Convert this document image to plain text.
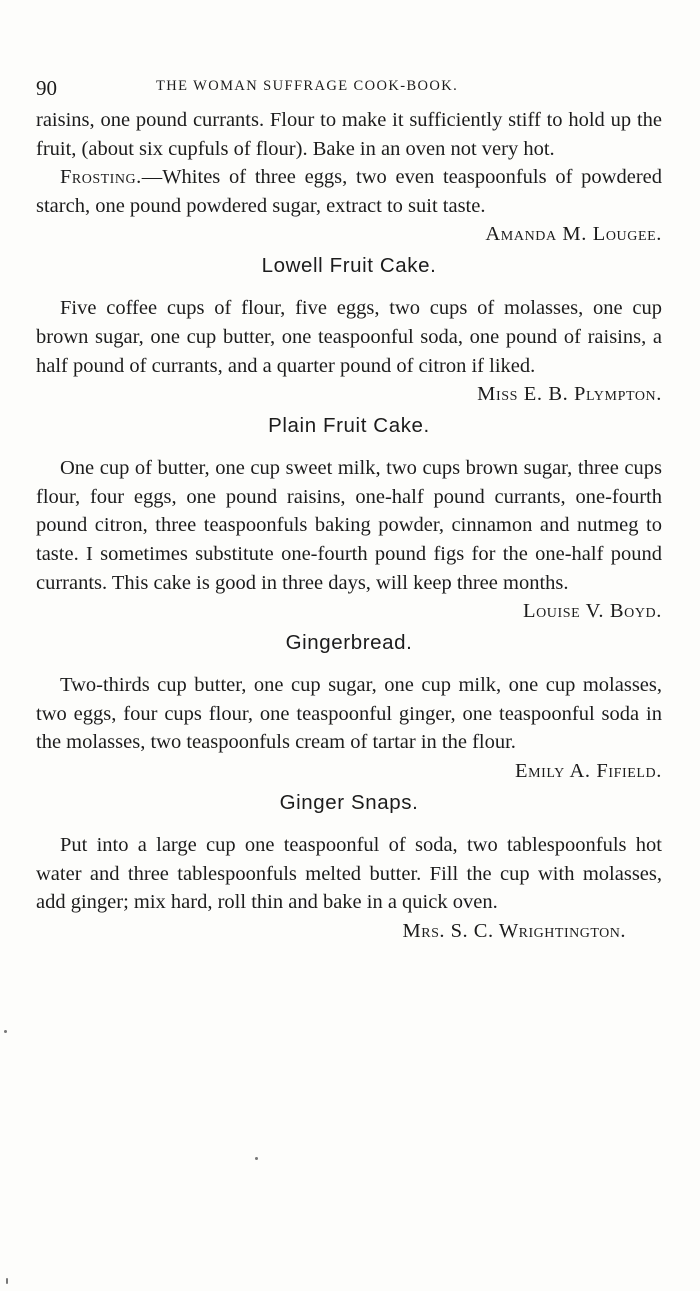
90	THE WOMAN SUFFRAGE COOK-BOOK.

raisins, one pound currants. Flour to make it sufficiently stiff to hold up the fruit, (about six cupfuls of flour). Bake in an oven not very hot.

Frosting.—Whites of three eggs, two even teaspoonfuls of powdered starch, one pound powdered sugar, extract to suit taste.
Amanda M. Lougee.

Lowell Fruit Cake.

Five coffee cups of flour, five eggs, two cups of molasses, one cup brown sugar, one cup butter, one teaspoonful soda, one pound of raisins, a half pound of currants, and a quarter pound of citron if liked.
Miss E. B. Plympton.

Plain Fruit Cake.

One cup of butter, one cup sweet milk, two cups brown sugar, three cups flour, four eggs, one pound raisins, one-half pound currants, one-fourth pound citron, three teaspoonfuls baking powder, cinnamon and nutmeg to taste. I sometimes substitute one-fourth pound figs for the one-half pound currants. This cake is good in three days, will keep three months.
Louise V. Boyd.

Gingerbread.

Two-thirds cup butter, one cup sugar, one cup milk, one cup molasses, two eggs, four cups flour, one teaspoonful ginger, one teaspoonful soda in the molasses, two teaspoonfuls cream of tartar in the flour.
Emily A. Fifield.

Ginger Snaps.

Put into a large cup one teaspoonful of soda, two tablespoonfuls hot water and three tablespoonfuls melted butter. Fill the cup with molasses, add ginger; mix hard, roll thin and bake in a quick oven.

Mrs. S. C. Wrightington.
